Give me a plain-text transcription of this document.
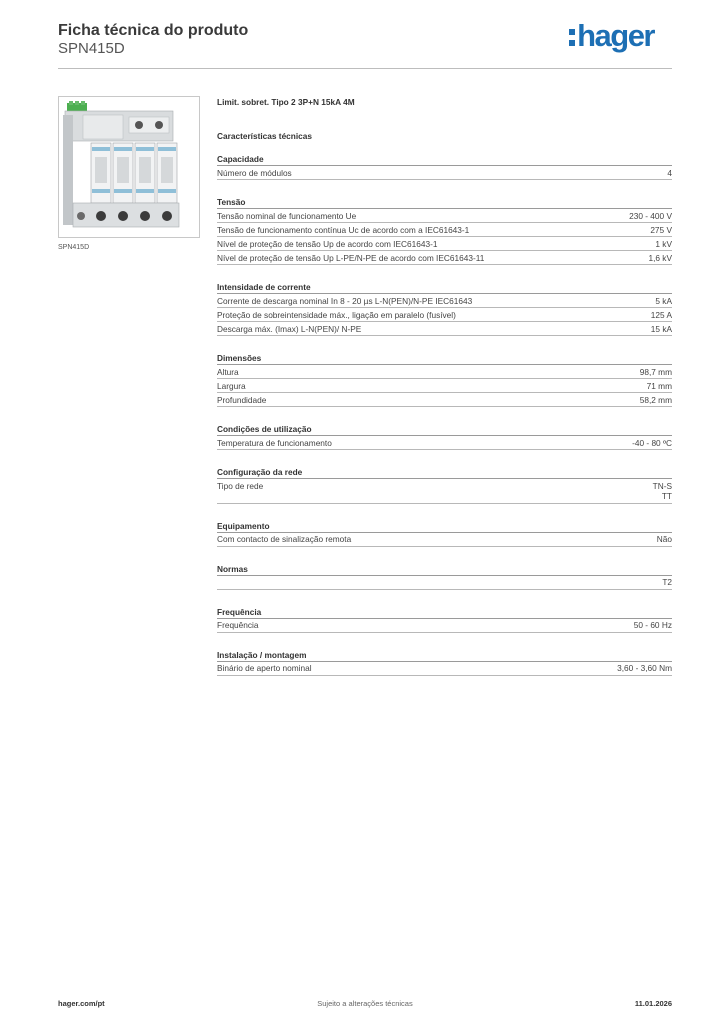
Ficha técnica do produto
SPN415D	hager
SPN415D
Limit. sobret. Tipo 2 3P+N 15kA 4M
Características técnicas
Capacidade
Número de módulos	4
Tensão
Tensão nominal de funcionamento Ue	230 - 400 V
Tensão de funcionamento contínua Uc de acordo com a IEC61643-1	275 V
Nível de proteção de tensão Up de acordo com IEC61643-1	1 kV
Nível de proteção de tensão Up L-PE/N-PE de acordo com IEC61643-11	1,6 kV
Intensidade de corrente
Corrente de descarga nominal In 8 - 20 µs L-N(PEN)/N-PE IEC61643	5 kA
Proteção de sobreintensidade máx., ligação em paralelo (fusível)	125 A
Descarga máx. (Imax) L-N(PEN)/ N-PE	15 kA
Dimensões
Altura	98,7 mm
Largura	71 mm
Profundidade	58,2 mm
Condições de utilização
Temperatura de funcionamento	-40 - 80 ºC
Configuração da rede
Tipo de rede	TN-S
TT
Equipamento
Com contacto de sinalização remota	Não
Normas
T2
Frequência
Frequência	50 - 60 Hz
Instalação / montagem
Binário de aperto nominal	3,60 - 3,60 Nm
hager.com/pt	Sujeito a alterações técnicas	11.01.2026
